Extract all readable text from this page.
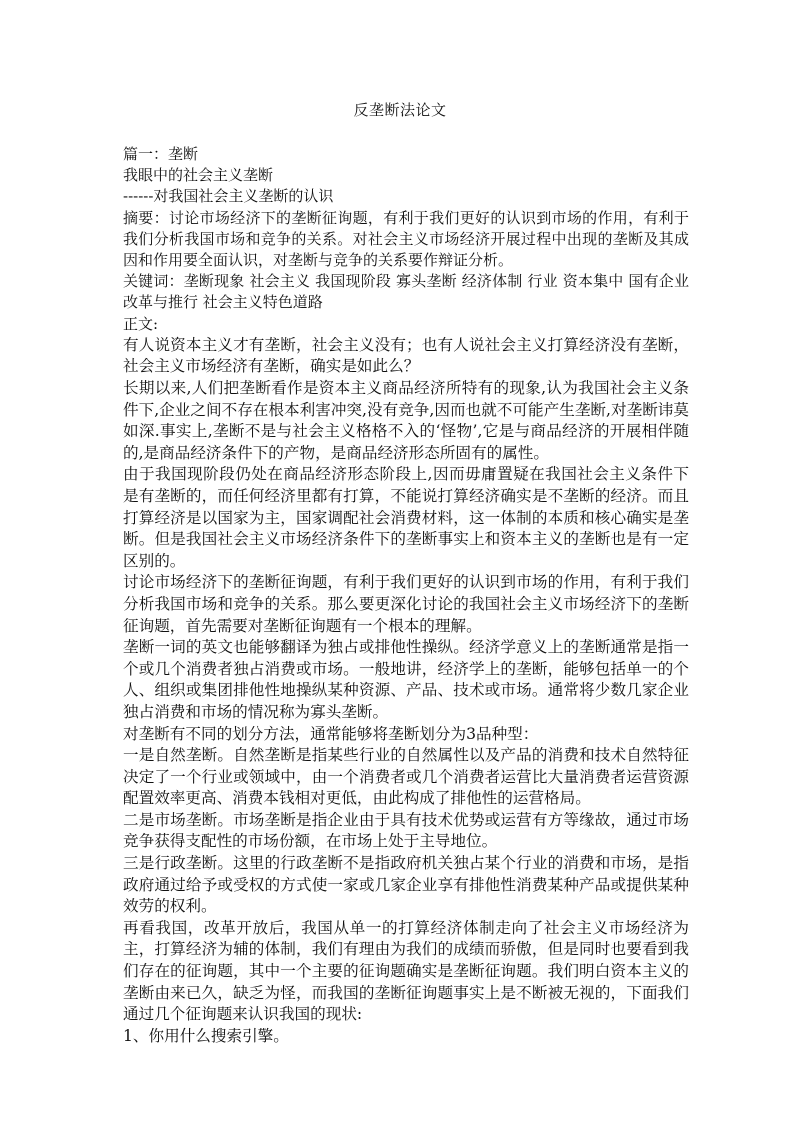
反垄断法论文

篇一：垄断

我眼中的社会主义垄断

------对我国社会主义垄断的认识

摘要：讨论市场经济下的垄断征询题，有利于我们更好的认识到市场的作用，有利于我们分析我国市场和竞争的关系。对社会主义市场经济开展过程中出现的垄断及其成因和作用要全面认识，对垄断与竞争的关系要作辩证分析。

关键词：垄断现象 社会主义 我国现阶段 寡头垄断 经济体制 行业 资本集中 国有企业 改革与推行 社会主义特色道路

正文:

有人说资本主义才有垄断，社会主义没有；也有人说社会主义打算经济没有垄断，社会主义市场经济有垄断，确实是如此么？

长期以来,人们把垄断看作是资本主义商品经济所特有的现象,认为我国社会主义条件下,企业之间不存在根本利害冲突,没有竞争,因而也就不可能产生垄断,对垄断讳莫如深.事实上,垄断不是与社会主义格格不入的‘怪物’,它是与商品经济的开展相伴随的,是商品经济条件下的产物，是商品经济形态所固有的属性。

由于我国现阶段仍处在商品经济形态阶段上,因而毋庸置疑在我国社会主义条件下是有垄断的，而任何经济里都有打算，不能说打算经济确实是不垄断的经济。而且打算经济是以国家为主，国家调配社会消费材料，这一体制的本质和核心确实是垄断。但是我国社会主义市场经济条件下的垄断事实上和资本主义的垄断也是有一定区别的。

讨论市场经济下的垄断征询题，有利于我们更好的认识到市场的作用，有利于我们分析我国市场和竞争的关系。那么要更深化讨论的我国社会主义市场经济下的垄断征询题，首先需要对垄断征询题有一个根本的理解。

垄断一词的英文也能够翻译为独占或排他性操纵。经济学意义上的垄断通常是指一个或几个消费者独占消费或市场。一般地讲，经济学上的垄断，能够包括单一的个人、组织或集团排他性地操纵某种资源、产品、技术或市场。通常将少数几家企业独占消费和市场的情况称为寡头垄断。

对垄断有不同的划分方法，通常能够将垄断划分为3品种型：

一是自然垄断。自然垄断是指某些行业的自然属性以及产品的消费和技术自然特征决定了一个行业或领域中，由一个消费者或几个消费者运营比大量消费者运营资源配置效率更高、消费本钱相对更低，由此构成了排他性的运营格局。

二是市场垄断。市场垄断是指企业由于具有技术优势或运营有方等缘故，通过市场竞争获得支配性的市场份额，在市场上处于主导地位。

三是行政垄断。这里的行政垄断不是指政府机关独占某个行业的消费和市场，是指政府通过给予或受权的方式使一家或几家企业享有排他性消费某种产品或提供某种效劳的权利。

再看我国，改革开放后，我国从单一的打算经济体制走向了社会主义市场经济为主，打算经济为辅的体制，我们有理由为我们的成绩而骄傲，但是同时也要看到我们存在的征询题，其中一个主要的征询题确实是垄断征询题。我们明白资本主义的垄断由来已久，缺乏为怪，而我国的垄断征询题事实上是不断被无视的，下面我们通过几个征询题来认识我国的现状:

1、你用什么搜索引擎。
